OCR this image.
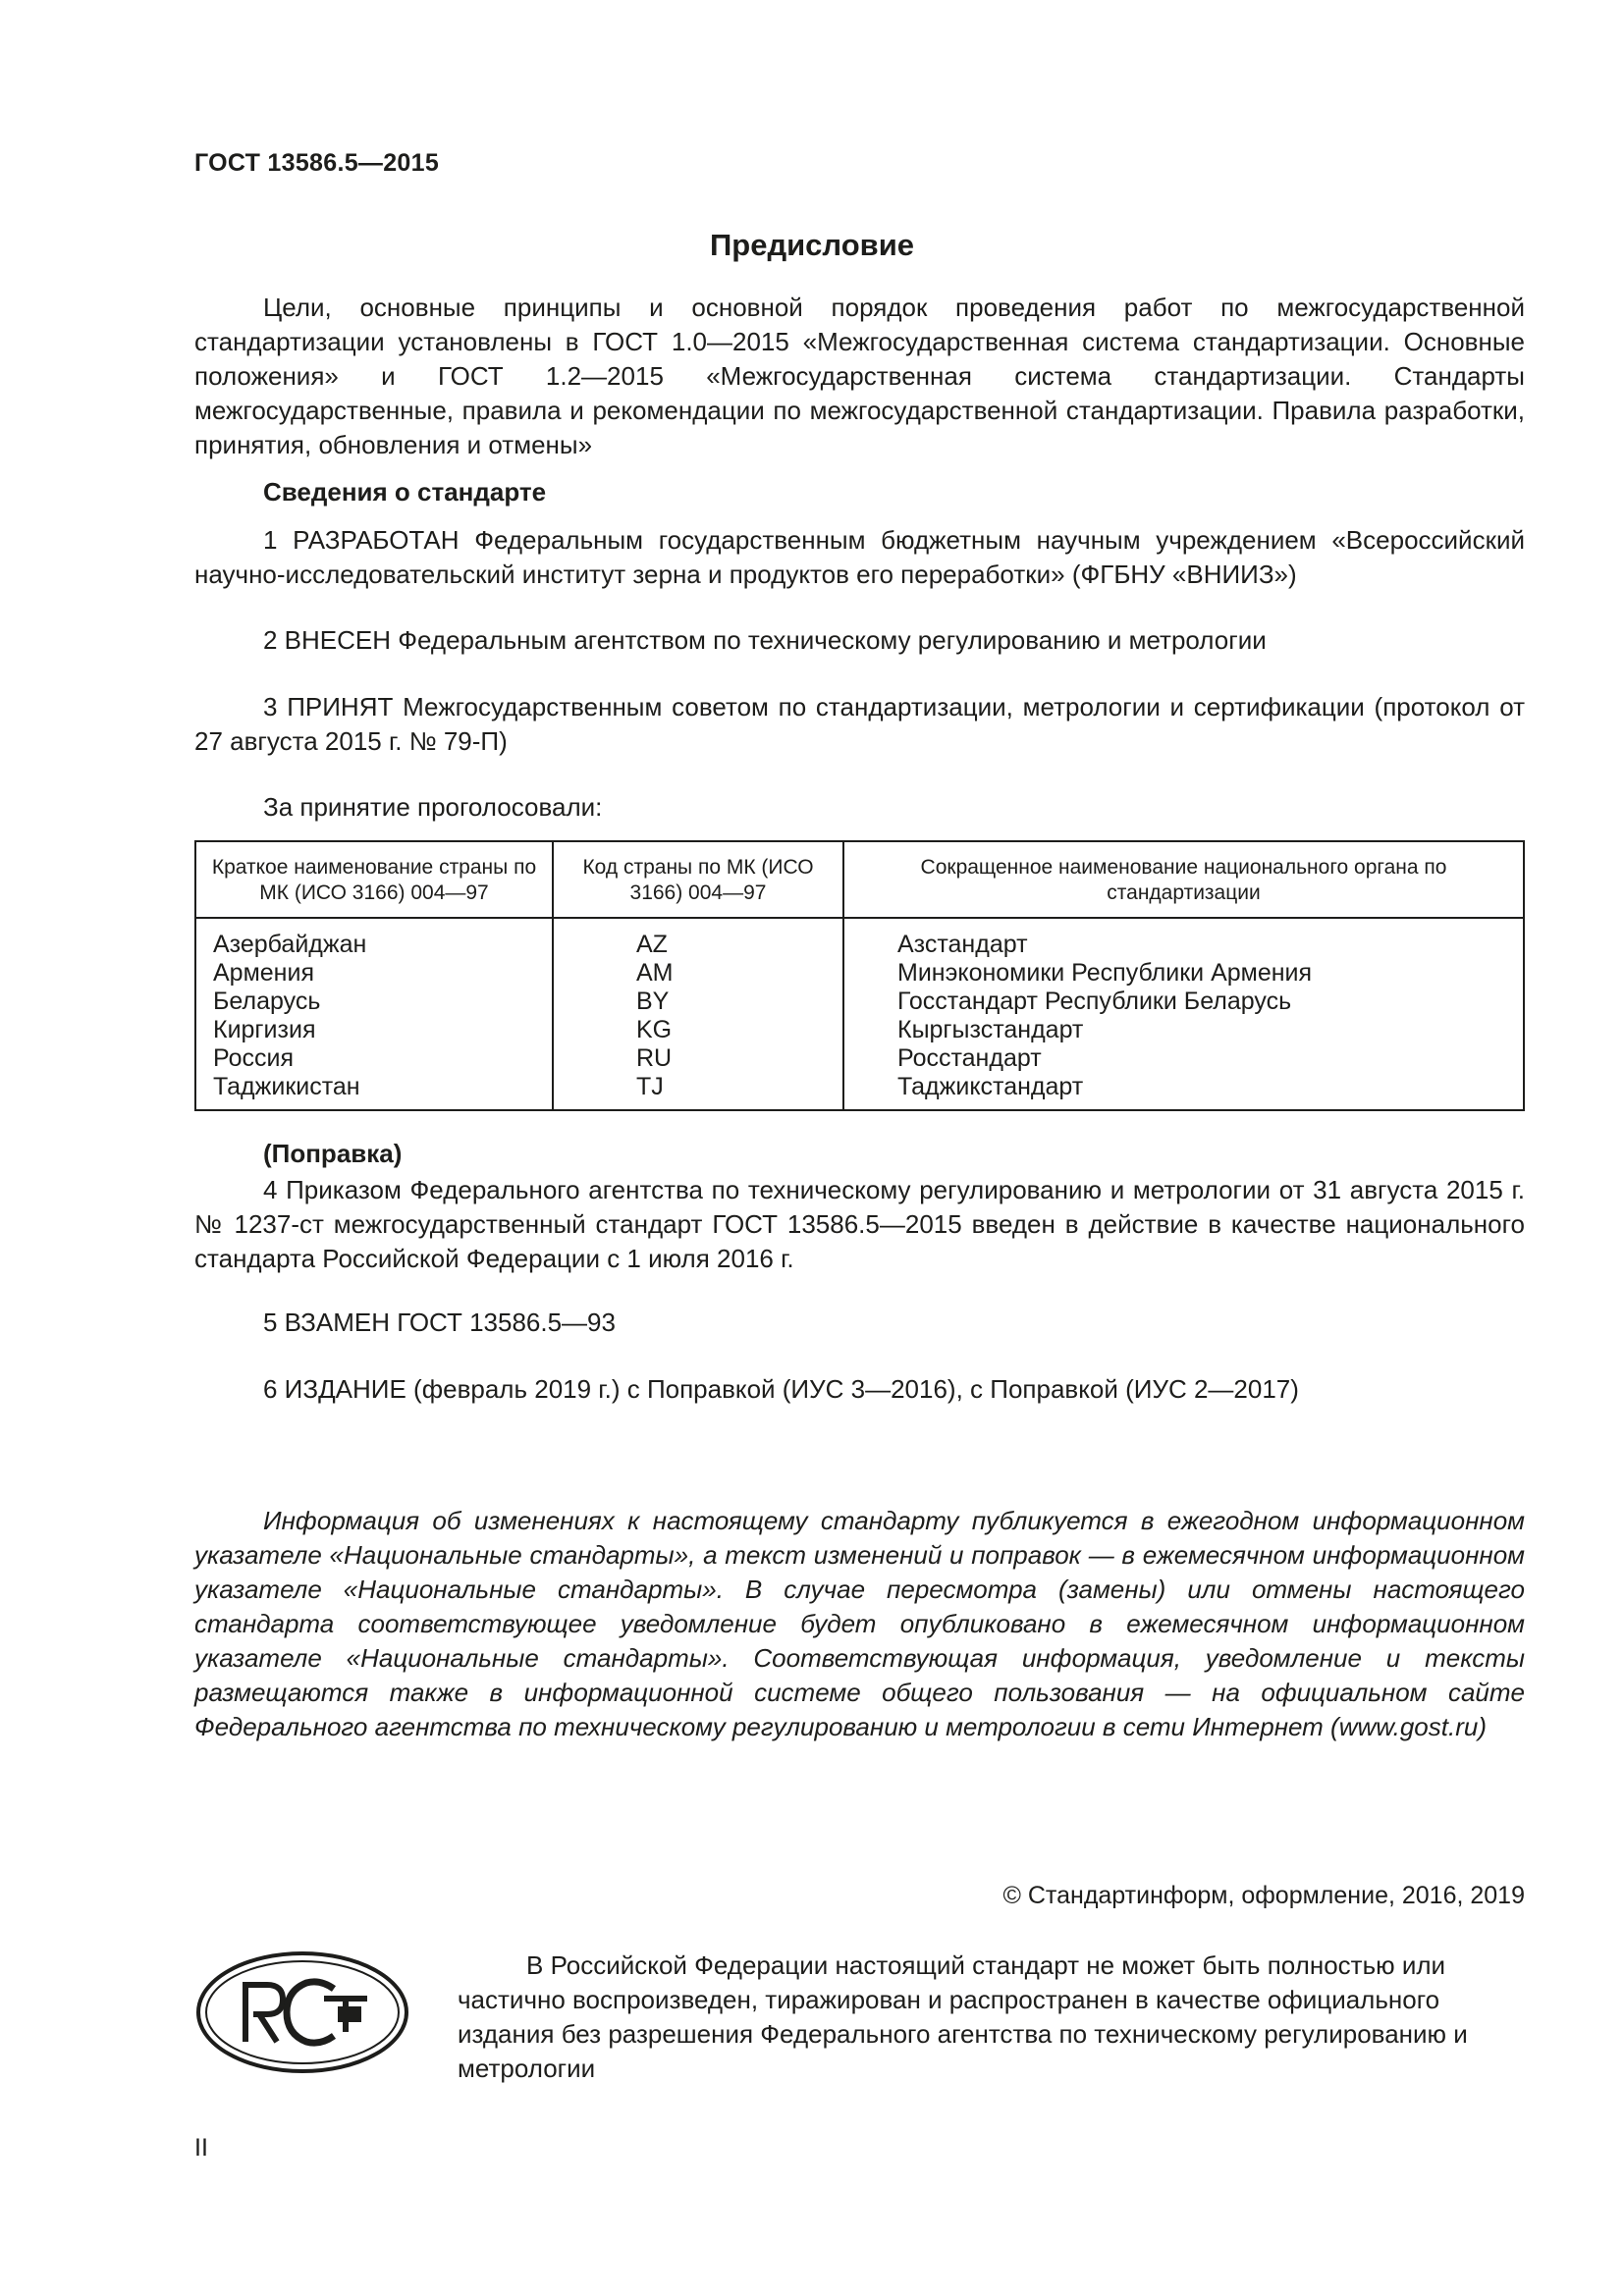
ГОСТ 13586.5—2015
Предисловие

Цели, основные принципы и основной порядок проведения работ по межгосударственной стандартизации установлены в ГОСТ 1.0—2015 «Межгосударственная система стандартизации. Основные положения» и ГОСТ 1.2—2015 «Межгосударственная система стандартизации. Стандарты межгосударственные, правила и рекомендации по межгосударственной стандартизации. Правила разработки, принятия, обновления и отмены»

Сведения о стандарте

1 РАЗРАБОТАН Федеральным государственным бюджетным научным учреждением «Всероссийский научно-исследовательский институт зерна и продуктов его переработки» (ФГБНУ «ВНИИЗ»)

2 ВНЕСЕН Федеральным агентством по техническому регулированию и метрологии

3 ПРИНЯТ Межгосударственным советом по стандартизации, метрологии и сертификации (протокол от 27 августа 2015 г. № 79-П)

За принятие проголосовали:

Краткое наименование страны по МК (ИСО 3166) 004—97	Код страны по МК (ИСО 3166) 004—97	Сокращенное наименование национального органа по стандартизации
Азербайджан	AZ	Азстандарт
Армения	AM	Минэкономики Республики Армения
Беларусь	BY	Госстандарт Республики Беларусь
Киргизия	KG	Кыргызстандарт
Россия	RU	Росстандарт
Таджикистан	TJ	Таджикстандарт
(Поправка)

4 Приказом Федерального агентства по техническому регулированию и метрологии от 31 августа 2015 г. № 1237-ст межгосударственный стандарт ГОСТ 13586.5—2015 введен в действие в качестве национального стандарта Российской Федерации с 1 июля 2016 г.

5 ВЗАМЕН ГОСТ 13586.5—93

6 ИЗДАНИЕ (февраль 2019 г.) с Поправкой (ИУС 3—2016), с Поправкой (ИУС 2—2017)

Информация об изменениях к настоящему стандарту публикуется в ежегодном информационном указателе «Национальные стандарты», а текст изменений и поправок — в ежемесячном информационном указателе «Национальные стандарты». В случае пересмотра (замены) или отмены настоящего стандарта соответствующее уведомление будет опубликовано в ежемесячном информационном указателе «Национальные стандарты». Соответствующая информация, уведомление и тексты размещаются также в информационной системе общего пользования — на официальном сайте Федерального агентства по техническому регулированию и метрологии в сети Интернет (www.gost.ru)

© Стандартинформ, оформление, 2016, 2019

В Российской Федерации настоящий стандарт не может быть полностью или частично воспроизведен, тиражирован и распространен в качестве официального издания без разрешения Федерального агентства по техническому регулированию и метрологии

II
